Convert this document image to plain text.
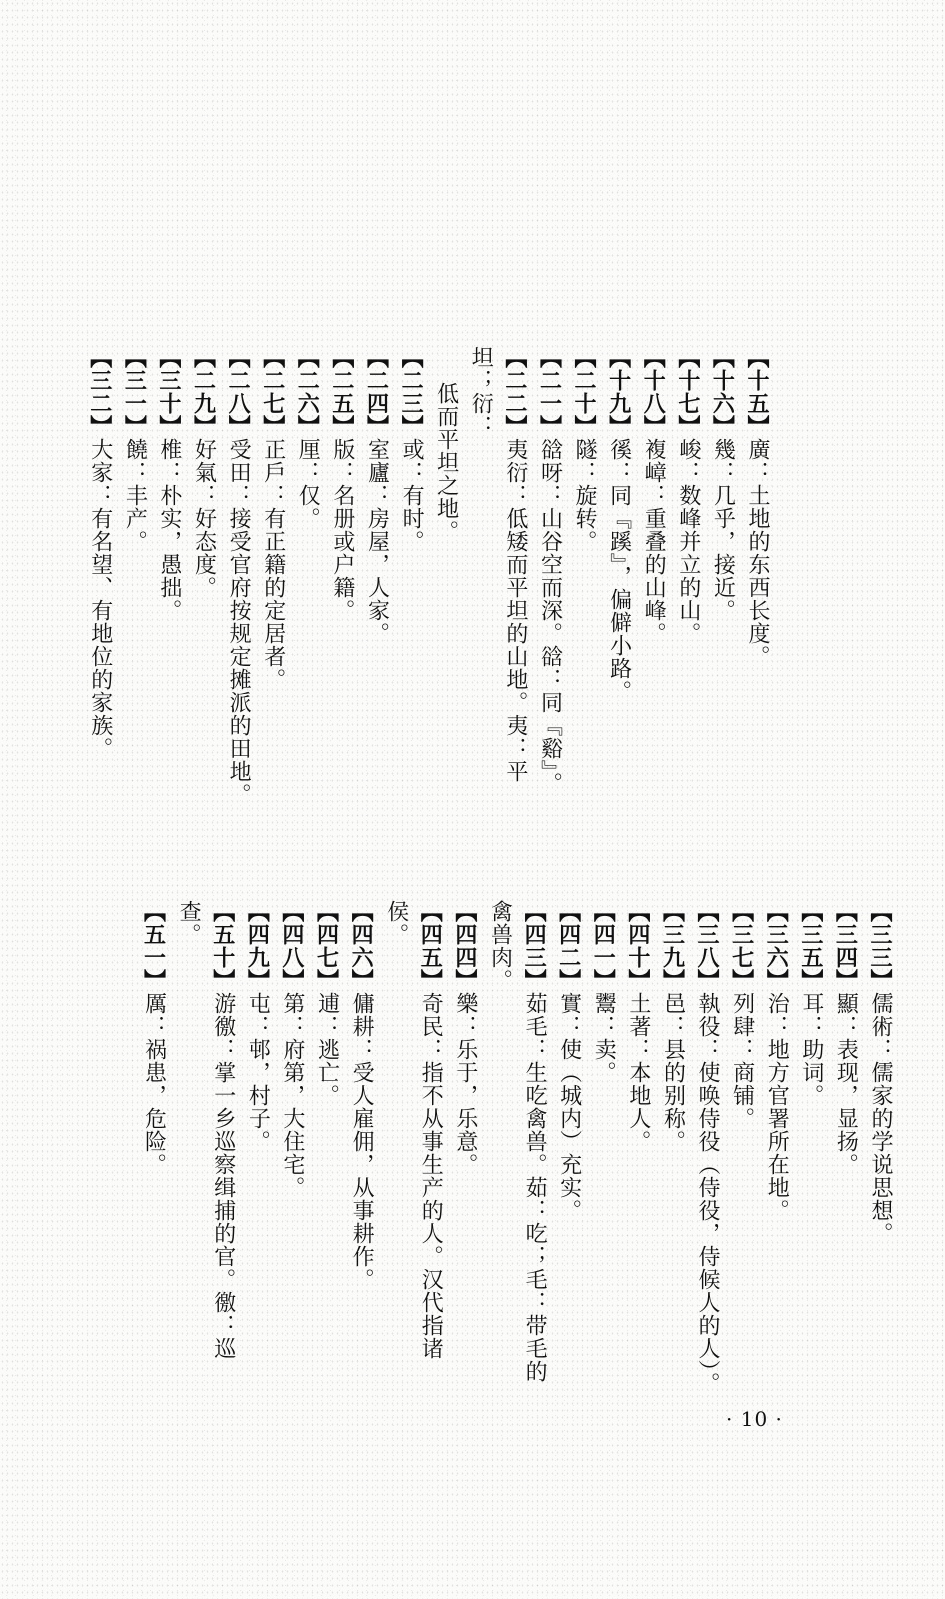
【十五】廣：土地的东西长度。
【十六】幾：几乎，接近。
【十七】峻：数峰并立的山。
【十八】複嶂：重叠的山峰。
【十九】徯：同『蹊』，偏僻小路。
【二十】隧：旋转。
【二一】谽呀：山谷空而深。谽：同『谿』。
【二二】夷衍：低矮而平坦的山地。夷：平坦；衍：
低而平坦之地。
【二三】或：有时。
【二四】室廬：房屋，人家。
【二五】版：名册或户籍。
【二六】厘：仅。
【二七】正戶：有正籍的定居者。
【二八】受田：接受官府按规定摊派的田地。
【二九】好氣：好态度。
【三十】椎：朴实，愚拙。
【三一】饒：丰产。
【三二】大家：有名望、有地位的家族。
【三三】儒術：儒家的学说思想。
【三四】顯：表现，显扬。
【三五】耳：助词。
【三六】治：地方官署所在地。
【三七】列肆：商铺。
【三八】執役：使唤侍役（侍役，侍候人的人）。
【三九】邑：县的别称。
【四十】土著：本地人。
【四一】鬻：卖。
【四二】實：使（城内）充实。
【四三】茹毛：生吃禽兽。茹：吃；毛：带毛的禽兽肉。
【四四】樂：乐于，乐意。
【四五】奇民：指不从事生产的人。汉代指诸侯。
【四六】傭耕：受人雇佣，从事耕作。
【四七】逋：逃亡。
【四八】第：府第，大住宅。
【四九】屯：邨，村子。
【五十】游徼：掌一乡巡察缉捕的官。徼：巡查。
【五一】厲：祸患，危险。
· 10 ·
